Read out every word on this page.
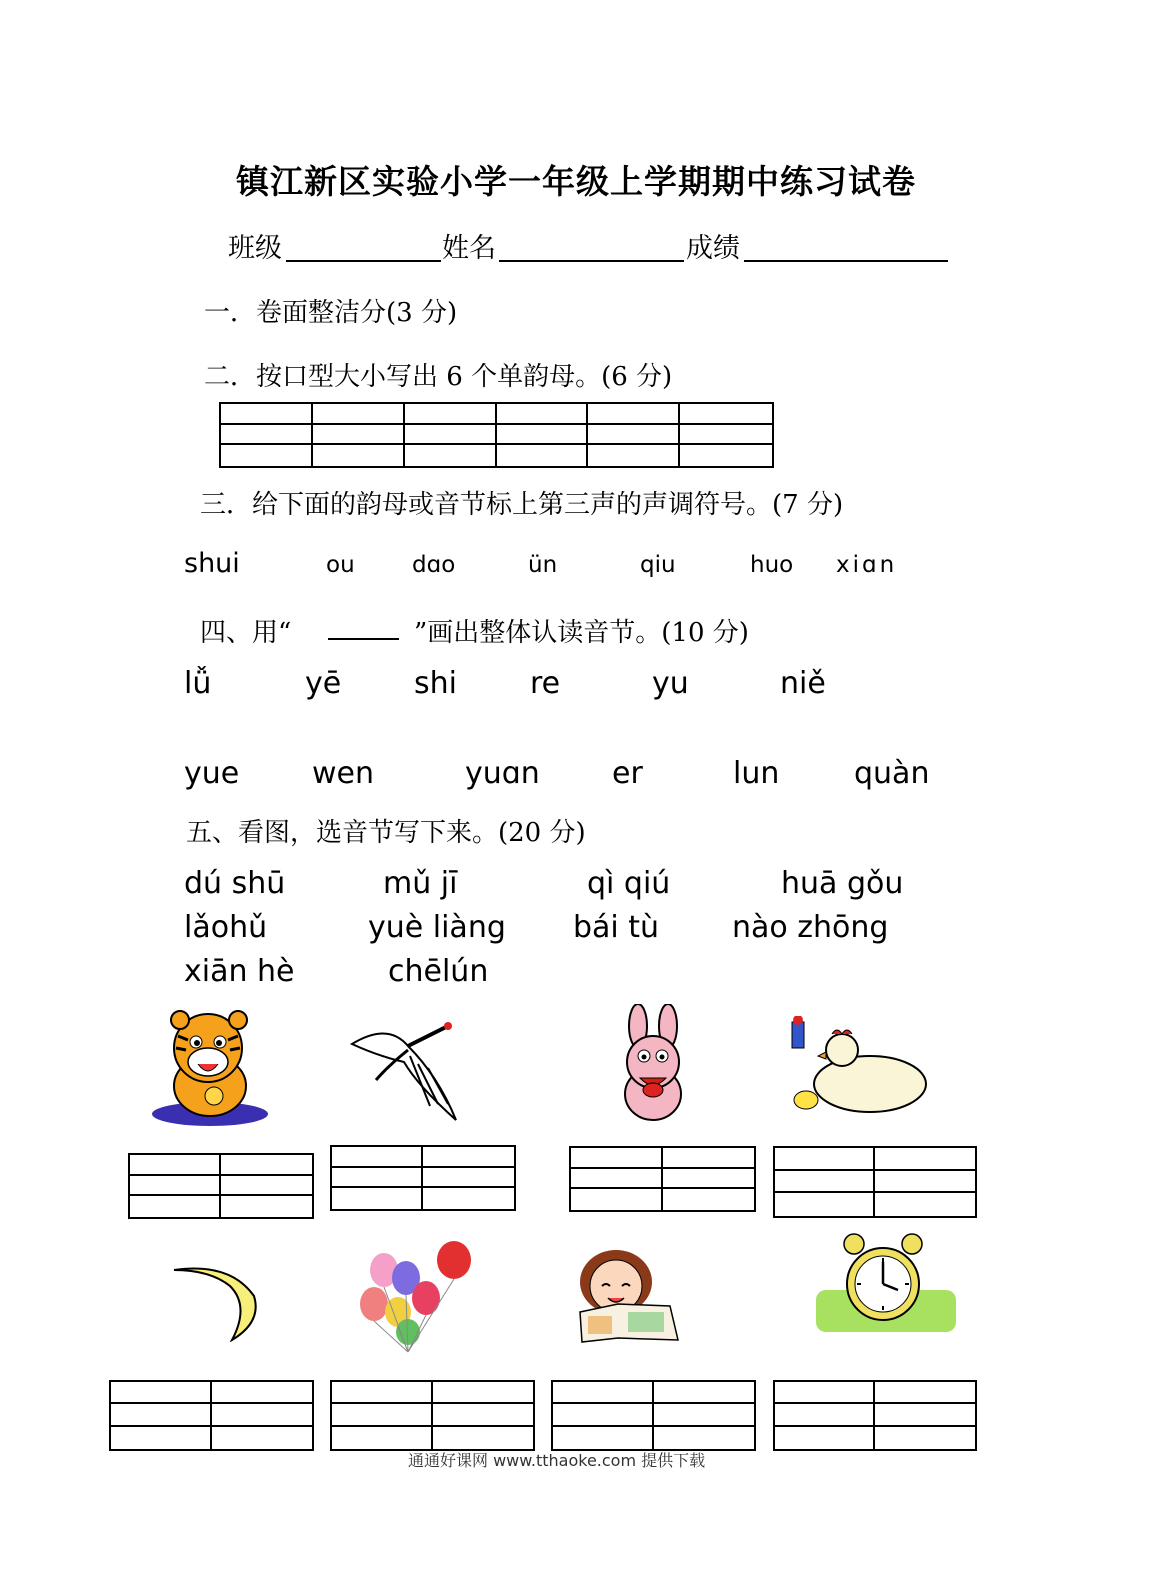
镇江新区实验小学一年级上学期期中练习试卷
班级	姓名	成绩
一．卷面整洁分(3 分)
二．按口型大小写出 6 个单韵母。(6 分)
三．给下面的韵母或音节标上第三声的声调符号。(7 分)
shui	ou dɑo	ün	qiu	huo xiɑn
四、用“	”画出整体认读音节。(10 分)
lǚ	yē shi re	yu	niě
yue wen	yuɑn er	lun quàn
五、看图，选音节写下来。(20 分)
dú shū	mǔ jī	qì qiú	huā gǒu
lǎohǔ	yuè liàng bái tù nào zhōng
xiān hè	chēlún
通通好课网 www.tthaoke.com 提供下载
